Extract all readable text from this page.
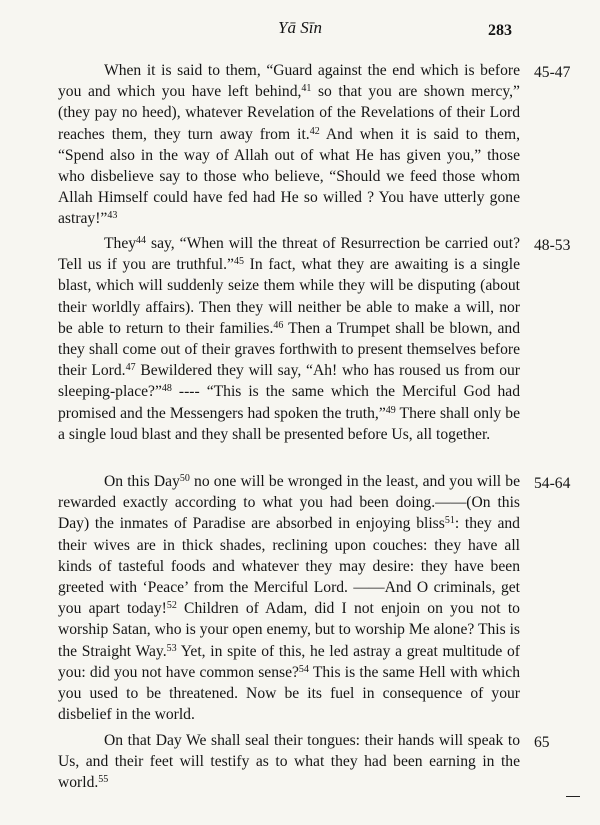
Yā Sīn	283
When it is said to them, “Guard against the end which is before you and which you have left behind,$^{41}$ so that you are shown mercy,” (they pay no heed), whatever Revelation of the Revelations of their Lord reaches them, they turn away from it.$^{42}$ And when it is said to them, “Spend also in the way of Allah out of what He has given you,” those who disbelieve say to those who believe, “Should we feed those whom Allah Himself could have fed had He so willed ? You have utterly gone astray!”$^{43}$
45-47
They$^{44}$ say, “When will the threat of Resurrection be carried out? Tell us if you are truthful.”$^{45}$ In fact, what they are awaiting is a single blast, which will suddenly seize them while they will be disputing (about their worldly affairs). Then they will neither be able to make a will, nor be able to return to their families.$^{46}$ Then a Trumpet shall be blown, and they shall come out of their graves forthwith to present themselves before their Lord.$^{47}$ Bewildered they will say, “Ah! who has roused us from our sleeping-place?”$^{48}$ ---- “This is the same which the Merciful God had promised and the Messengers had spoken the truth,”$^{49}$ There shall only be a single loud blast and they shall be presented before Us, all together.
48-53
On this Day$^{50}$ no one will be wronged in the least, and you will be rewarded exactly according to what you had been doing.——(On this Day) the inmates of Paradise are absorbed in enjoying bliss$^{51}$: they and their wives are in thick shades, reclining upon couches: they have all kinds of tasteful foods and whatever they may desire: they have been greeted with ‘Peace’ from the Merciful Lord. ——And O criminals, get you apart today!$^{52}$ Children of Adam, did I not enjoin on you not to worship Satan, who is your open enemy, but to worship Me alone? This is the Straight Way.$^{53}$ Yet, in spite of this, he led astray a great multitude of you: did you not have common sense?$^{54}$ This is the same Hell with which you used to be threatened. Now be its fuel in consequence of your disbelief in the world.
54-64
On that Day We shall seal their tongues: their hands will speak to Us, and their feet will testify as to what they had been earning in the world.$^{55}$
65
